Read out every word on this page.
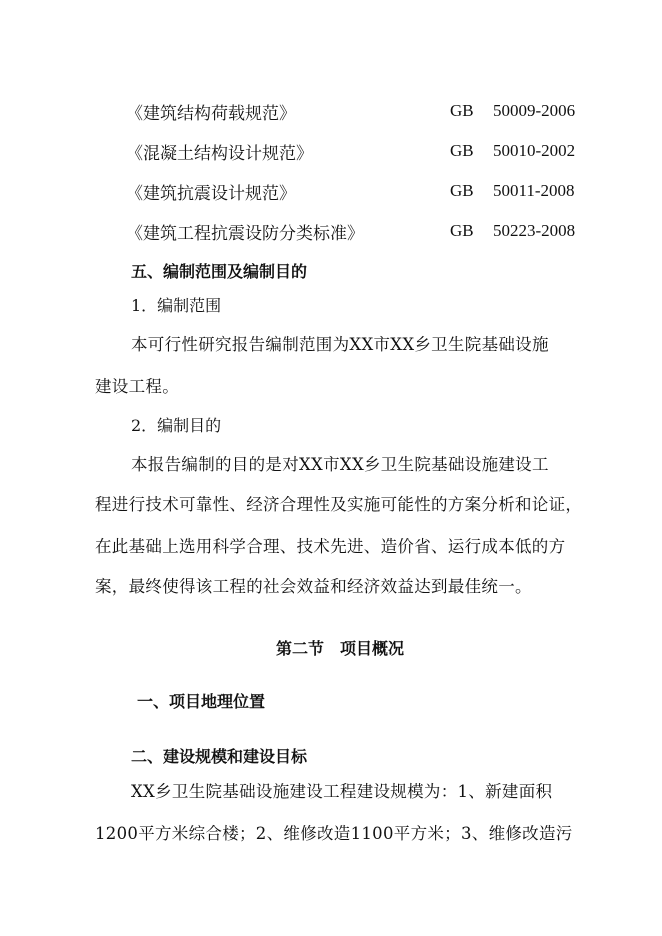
《建筑结构荷载规范》	GB 50009-2006
《混凝土结构设计规范》	GB 50010-2002
《建筑抗震设计规范》	GB 50011-2008
《建筑工程抗震设防分类标准》	GB 50223-2008
五、编制范围及编制目的
1．编制范围
本可行性研究报告编制范围为XX市XX乡卫生院基础设施
建设工程。
2．编制目的
本报告编制的目的是对XX市XX乡卫生院基础设施建设工
程进行技术可靠性、经济合理性及实施可能性的方案分析和论证，
在此基础上选用科学合理、技术先进、造价省、运行成本低的方
案，最终使得该工程的社会效益和经济效益达到最佳统一。
第二节　项目概况
一、项目地理位置
二、建设规模和建设目标
XX乡卫生院基础设施建设工程建设规模为：1、新建面积
1200平方米综合楼；2、维修改造1100平方米；3、维修改造污
